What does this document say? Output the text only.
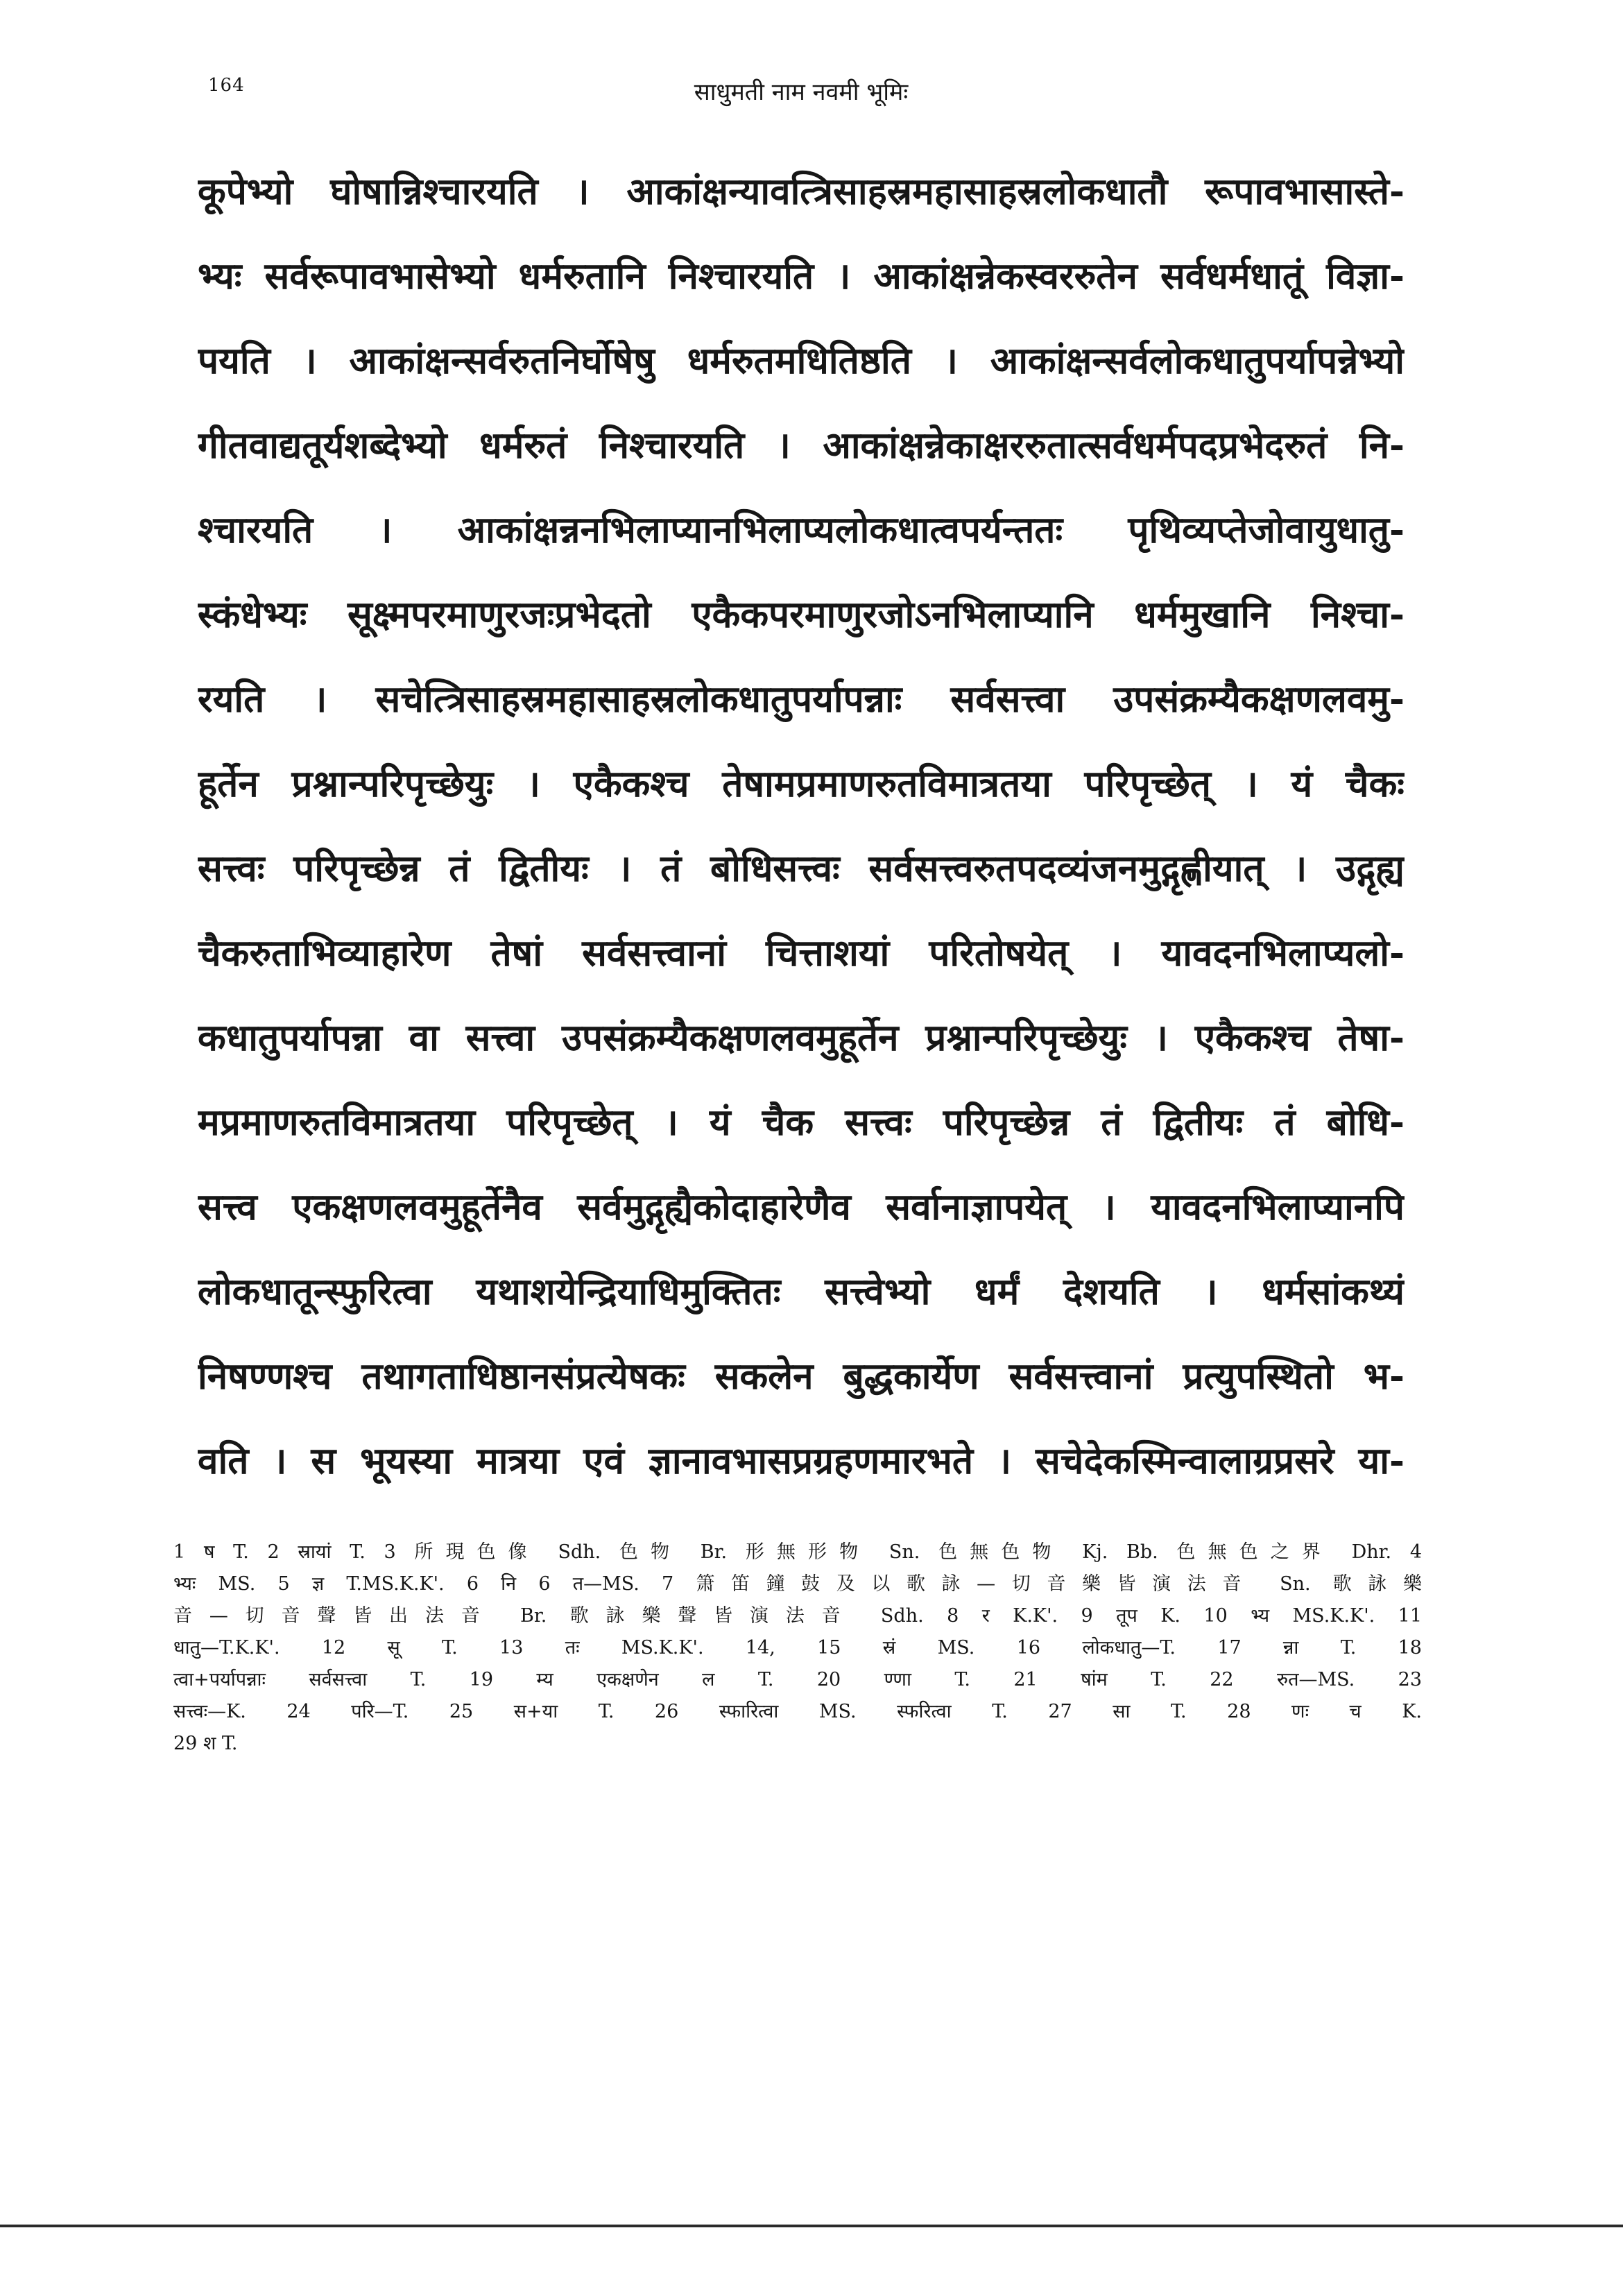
164	साधुमती नाम नवमी भूमिः
कूपेभ्यो घोषान्निश्चारयति । आकांक्षन्यावत्त्रिसाहस्रमहासाहस्रलोकधातौ रूपावभासास्ते-
भ्यः सर्वरूपावभासेभ्यो धर्मरुतानि निश्चारयति । आकांक्षन्नेकस्वररुतेन सर्वधर्मधातूं विज्ञा-
पयति । आकांक्षन्सर्वरुतनिर्घोषेषु धर्मरुतमधितिष्ठति । आकांक्षन्सर्वलोकधातुपर्यापन्नेभ्यो
गीतवाद्यतूर्यशब्देभ्यो धर्मरुतं निश्चारयति । आकांक्षन्नेकाक्षररुतात्सर्वधर्मपदप्रभेदरुतं नि-
श्चारयति । आकांक्षन्ननभिलाप्यानभिलाप्यलोकधात्वपर्यन्ततः पृथिव्यप्तेजोवायुधातु-
स्कंधेभ्यः सूक्ष्मपरमाणुरजःप्रभेदतो एकैकपरमाणुरजोऽनभिलाप्यानि धर्ममुखानि निश्चा-
रयति । सचेत्त्रिसाहस्रमहासाहस्रलोकधातुपर्यापन्नाः सर्वसत्त्वा उपसंक्रम्यैकक्षणलवमु-
हूर्तेन प्रश्नान्परिपृच्छेयुः । एकैकश्च तेषामप्रमाणरुतविमात्रतया परिपृच्छेत् । यं चैकः
सत्त्वः परिपृच्छेन्न तं द्वितीयः । तं बोधिसत्त्वः सर्वसत्त्वरुतपदव्यंजनमुद्गृह्णीयात् । उद्गृह्य
चैकरुताभिव्याहारेण तेषां सर्वसत्त्वानां चित्ताशयां परितोषयेत् । यावदनभिलाप्यलो-
कधातुपर्यापन्ना वा सत्त्वा उपसंक्रम्यैकक्षणलवमुहूर्तेन प्रश्नान्परिपृच्छेयुः । एकैकश्च तेषा-
मप्रमाणरुतविमात्रतया परिपृच्छेत् । यं चैक सत्त्वः परिपृच्छेन्न तं द्वितीयः तं बोधि-
सत्त्व एकक्षणलवमुहूर्तेनैव सर्वमुद्गृह्यैकोदाहारेणैव सर्वानाज्ञापयेत् । यावदनभिलाप्यानपि
लोकधातून्स्फुरित्वा यथाशयेन्द्रियाधिमुक्तितः सत्त्वेभ्यो धर्मं देशयति । धर्मसांकथ्यं
निषण्णश्च तथागताधिष्ठानसंप्रत्येषकः सकलेन बुद्धकार्येण सर्वसत्त्वानां प्रत्युपस्थितो भ-
वति । स भूयस्या मात्रया एवं ज्ञानावभासप्रग्रहणमारभते । सचेदेकस्मिन्वालाग्रप्रसरे या-
1 ष T. 2 स्रायां T. 3 所現色像 Sdh. 色物 Br. 形無形物 Sn. 色無色物 Kj. Bb. 色無色之界 Dhr. 4
भ्यः MS. 5 ज्ञ T.MS.K.K'. 6 नि 6 त—MS. 7 箫笛鐘鼓及以歌詠—切音樂皆演法音 Sn. 歌詠樂
音—切音聲皆出法音 Br. 歌詠樂聲皆演法音 Sdh. 8 र K.K'. 9 तूप K. 10 भ्य MS.K.K'. 11
धातु—T.K.K'. 12 सू T. 13 तः MS.K.K'. 14, 15 स्रं MS. 16 लोकधातु—T. 17 न्ना T. 18
त्वा+पर्यापन्नाः सर्वसत्त्वा T. 19 म्य एकक्षणेन ल T. 20 ण्णा T. 21 षांम T. 22 रुत—MS. 23
सत्त्वः—K. 24 परि—T. 25 स+या T. 26 स्फारित्वा MS. स्फरित्वा T. 27 सा T. 28 णः च K.
29 श T.
